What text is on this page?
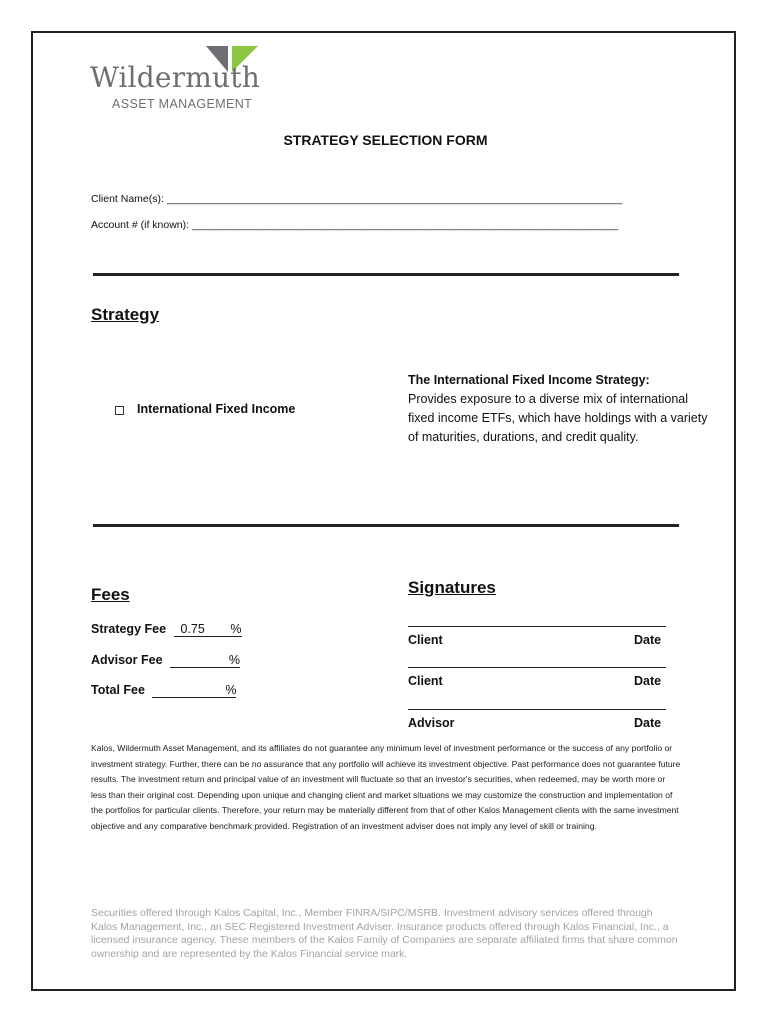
Wildermuth
ASSET MANAGEMENT
STRATEGY SELECTION FORM
Client Name(s): ______________________________________________________________________________
Account # (if known): _________________________________________________________________________
Strategy
International Fixed Income
The International Fixed Income Strategy:
Provides exposure to a diverse mix of international fixed income ETFs, which have holdings with a variety of maturities, durations, and credit quality.
Fees
Strategy Fee 0.75 %
Advisor Fee	%
Total Fee	%
Signatures
Client	Date
Client	Date
Advisor	Date
Kalos, Wildermuth Asset Management, and its affiliates do not guarantee any minimum level of investment performance or the success of any portfolio or investment strategy. Further, there can be no assurance that any portfolio will achieve its investment objective. Past performance does not guarantee future results. The investment return and principal value of an investment will fluctuate so that an investor's securities, when redeemed, may be worth more or less than their original cost. Depending upon unique and changing client and market situations we may customize the construction and implementation of the portfolios for particular clients. Therefore, your return may be materially different from that of other Kalos Management clients with the same investment objective and any comparative benchmark provided. Registration of an investment adviser does not imply any level of skill or training.
Securities offered through Kalos Capital, Inc., Member FINRA/SIPC/MSRB. Investment advisory services offered through Kalos Management, Inc., an SEC Registered Investment Adviser. Insurance products offered through Kalos Financial, Inc., a licensed insurance agency. These members of the Kalos Family of Companies are separate affiliated firms that share common ownership and are represented by the Kalos Financial service mark.
